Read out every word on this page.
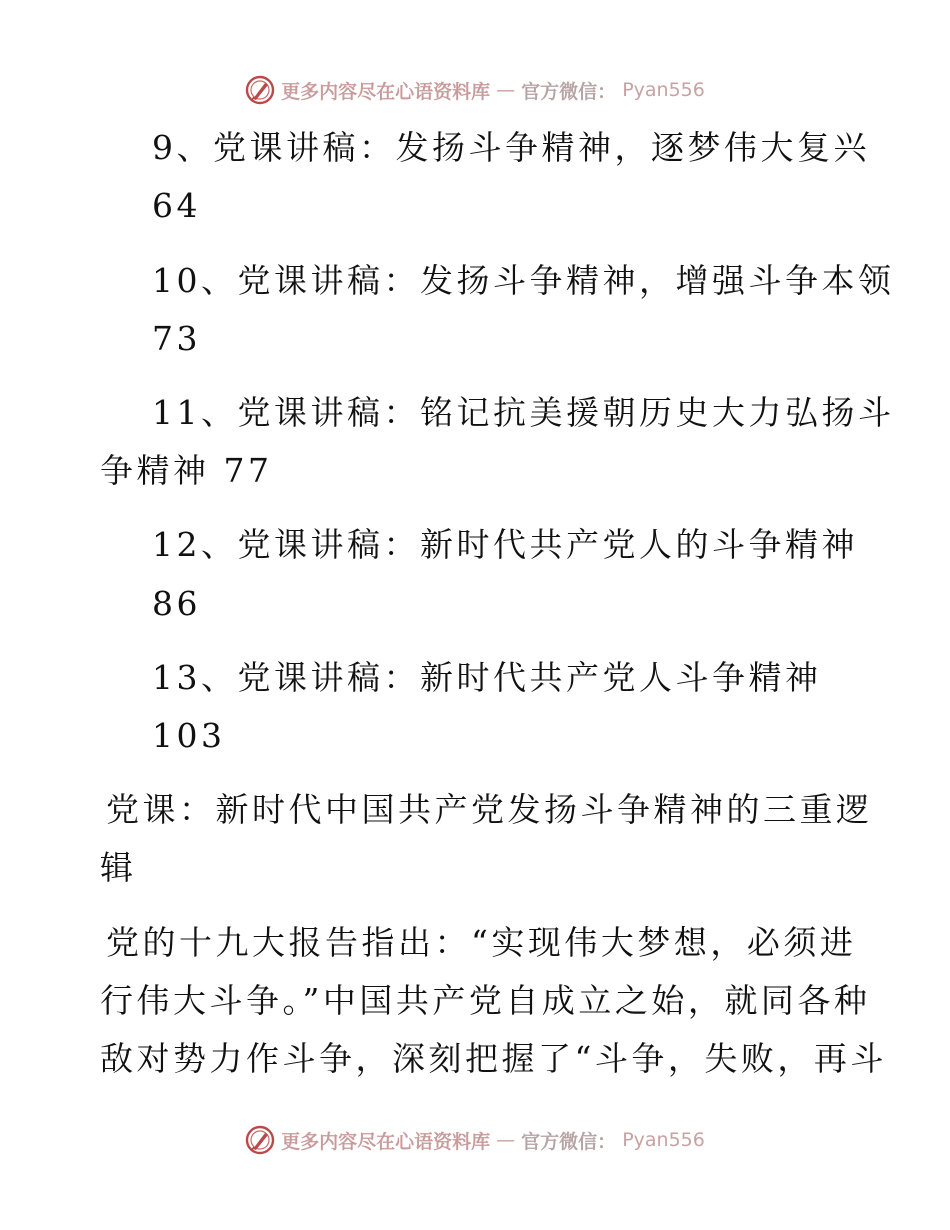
更多内容尽在心语资料库 — 官方微信： Pyan556
9、党课讲稿：发扬斗争精神，逐梦伟大复兴
64
10、党课讲稿：发扬斗争精神，增强斗争本领
73
11、党课讲稿：铭记抗美援朝历史大力弘扬斗
争精神 77
12、党课讲稿：新时代共产党人的斗争精神
86
13、党课讲稿：新时代共产党人斗争精神
103
党课：新时代中国共产党发扬斗争精神的三重逻
辑
党的十九大报告指出：“实现伟大梦想，必须进
行伟大斗争。”中国共产党自成立之始，就同各种
敌对势力作斗争，深刻把握了“斗争，失败，再斗
更多内容尽在心语资料库 — 官方微信： Pyan556
